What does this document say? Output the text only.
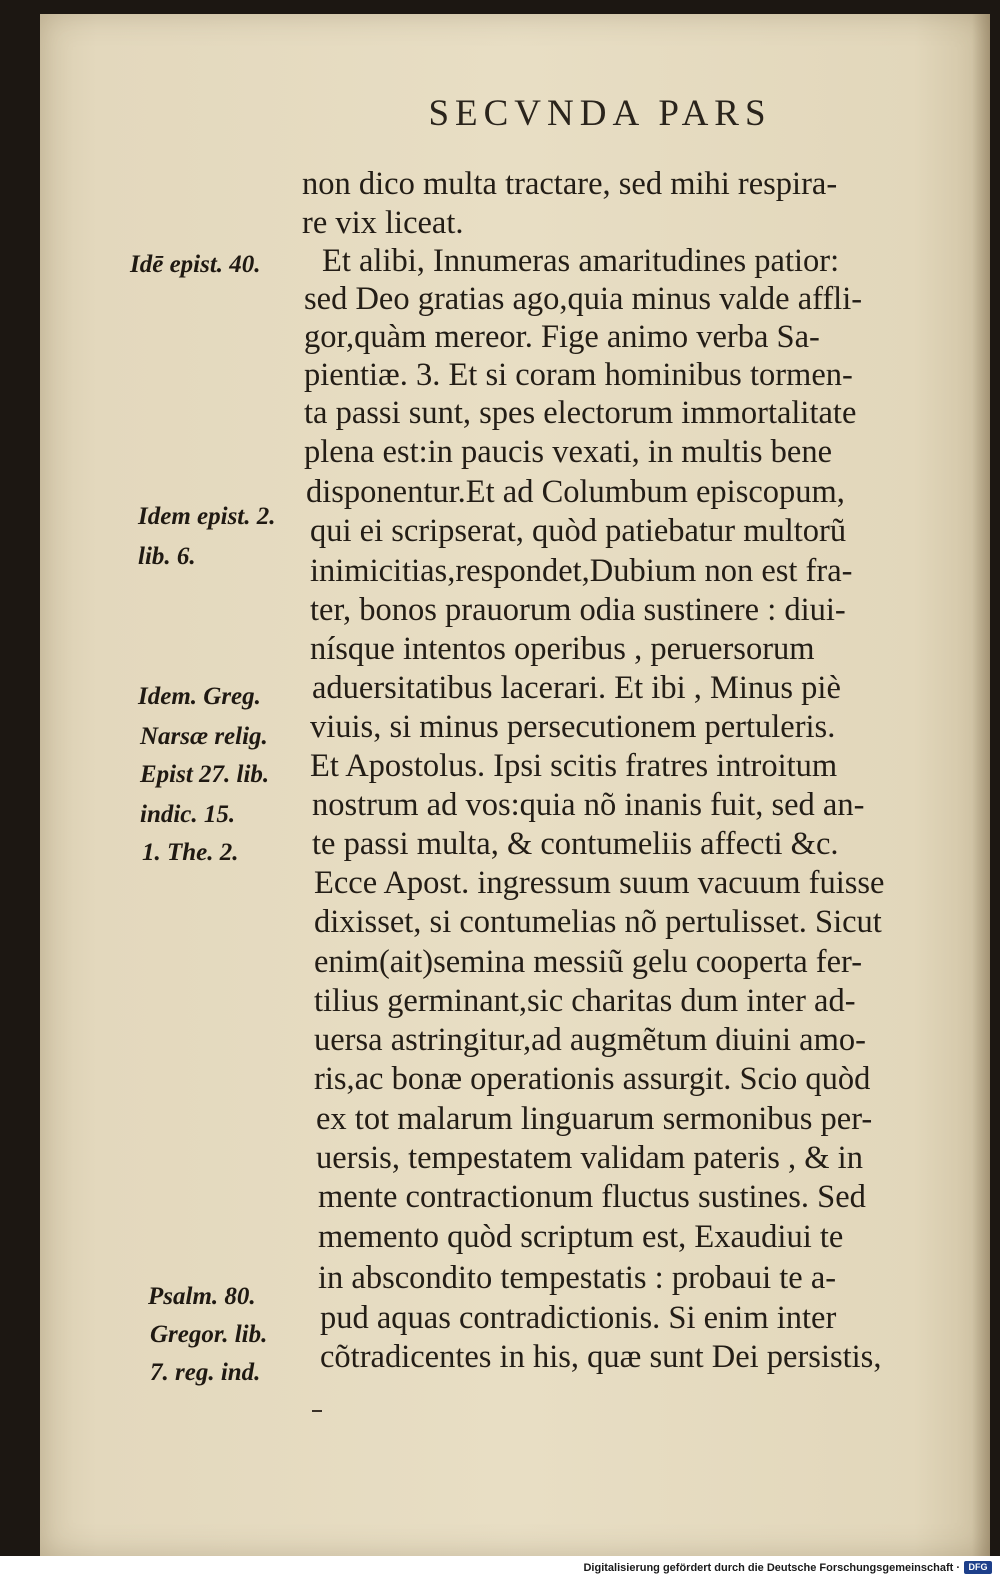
SECVNDA PARS
non dico multa tractare, sed mihi respira-
re vix liceat.
Et alibi, Innumeras amaritudines patior:
sed Deo gratias ago,quia minus valde affli-
gor,quàm mereor. Fige animo verba Sa-
pientiæ. 3. Et si coram hominibus tormen-
ta passi sunt, spes electorum immortalitate
plena est:in paucis vexati, in multis bene
disponentur.Et ad Columbum episcopum,
qui ei scripserat, quòd patiebatur multorũ
inimicitias,respondet,Dubium non est fra-
ter, bonos prauorum odia sustinere : diui-
nísque intentos operibus , peruersorum
aduersitatibus lacerari. Et ibi , Minus piè
viuis, si minus persecutionem pertuleris.
Et Apostolus. Ipsi scitis fratres introitum
nostrum ad vos:quia nõ inanis fuit, sed an-
te passi multa, & contumeliis affecti &c.
Ecce Apost. ingressum suum vacuum fuisse
dixisset, si contumelias nõ pertulisset. Sicut
enim(ait)semina messiũ gelu cooperta fer-
tilius germinant,sic charitas dum inter ad-
uersa astringitur,ad augmẽtum diuini amo-
ris,ac bonæ operationis assurgit. Scio quòd
ex tot malarum linguarum sermonibus per-
uersis, tempestatem validam pateris , & in
mente contractionum fluctus sustines. Sed
memento quòd scriptum est, Exaudiui te
in abscondito tempestatis : probaui te a-
pud aquas contradictionis. Si enim inter
cõtradicentes in his, quæ sunt Dei persistis,
Idē epist. 40.
Idem epist. 2.
lib. 6.
Idem. Greg.
Narsæ relig.
Epist 27. lib.
indic. 15.
1. The. 2.
Psalm. 80.
Gregor. lib.
7. reg. ind.
Digitalisierung gefördert durch die Deutsche Forschungsgemeinschaft · DFG
